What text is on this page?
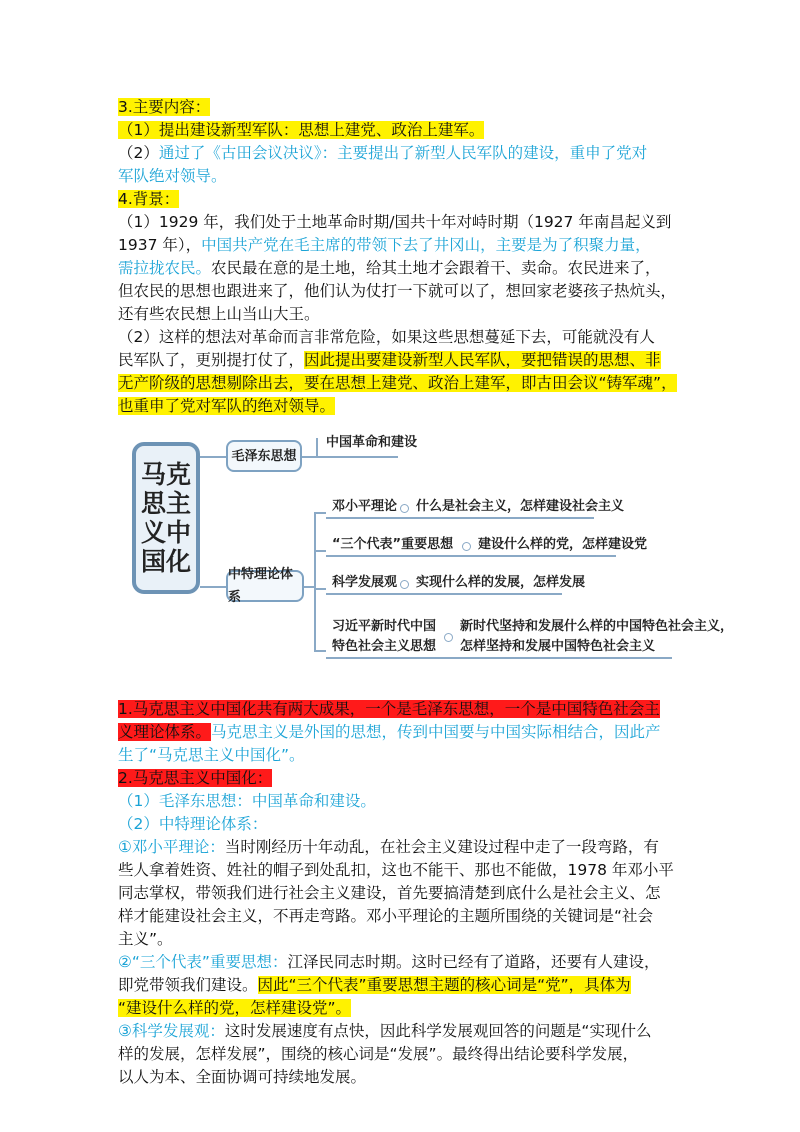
3.主要内容：
（1）提出建设新型军队：思想上建党、政治上建军。
（2）通过了《古田会议决议》：主要提出了新型人民军队的建设，重申了党对
军队绝对领导。
4.背景：
（1）1929 年，我们处于土地革命时期/国共十年对峙时期（1927 年南昌起义到
1937 年），中国共产党在毛主席的带领下去了井冈山，主要是为了积聚力量，
需拉拢农民。农民最在意的是土地，给其土地才会跟着干、卖命。农民进来了，
但农民的思想也跟进来了，他们认为仗打一下就可以了，想回家老婆孩子热炕头，
还有些农民想上山当山大王。
（2）这样的想法对革命而言非常危险，如果这些思想蔓延下去，可能就没有人
民军队了，更别提打仗了，因此提出要建设新型人民军队，要把错误的思想、非
无产阶级的思想剔除出去，要在思想上建党、政治上建军，即古田会议“铸军魂”，
也重申了党对军队的绝对领导。
马克思主义中国化
毛泽东思想
中国革命和建设
中特理论体系
邓小平理论 什么是社会主义，怎样建设社会主义
“三个代表”重要思想 建设什么样的党，怎样建设党
科学发展观 实现什么样的发展，怎样发展
习近平新时代中国
特色社会主义思想
新时代坚持和发展什么样的中国特色社会主义，
怎样坚持和发展中国特色社会主义
1.马克思主义中国化共有两大成果，一个是毛泽东思想，一个是中国特色社会主
义理论体系。马克思主义是外国的思想，传到中国要与中国实际相结合，因此产
生了“马克思主义中国化”。
2.马克思主义中国化：
（1）毛泽东思想：中国革命和建设。
（2）中特理论体系：
①邓小平理论：当时刚经历十年动乱，在社会主义建设过程中走了一段弯路，有
些人拿着姓资、姓社的帽子到处乱扣，这也不能干、那也不能做，1978 年邓小平
同志掌权，带领我们进行社会主义建设，首先要搞清楚到底什么是社会主义、怎
样才能建设社会主义，不再走弯路。邓小平理论的主题所围绕的关键词是“社会
主义”。
②“三个代表”重要思想：江泽民同志时期。这时已经有了道路，还要有人建设，
即党带领我们建设。因此“三个代表”重要思想主题的核心词是“党”，具体为
“建设什么样的党，怎样建设党”。
③科学发展观：这时发展速度有点快，因此科学发展观回答的问题是“实现什么
样的发展，怎样发展”，围绕的核心词是“发展”。最终得出结论要科学发展，
以人为本、全面协调可持续地发展。
